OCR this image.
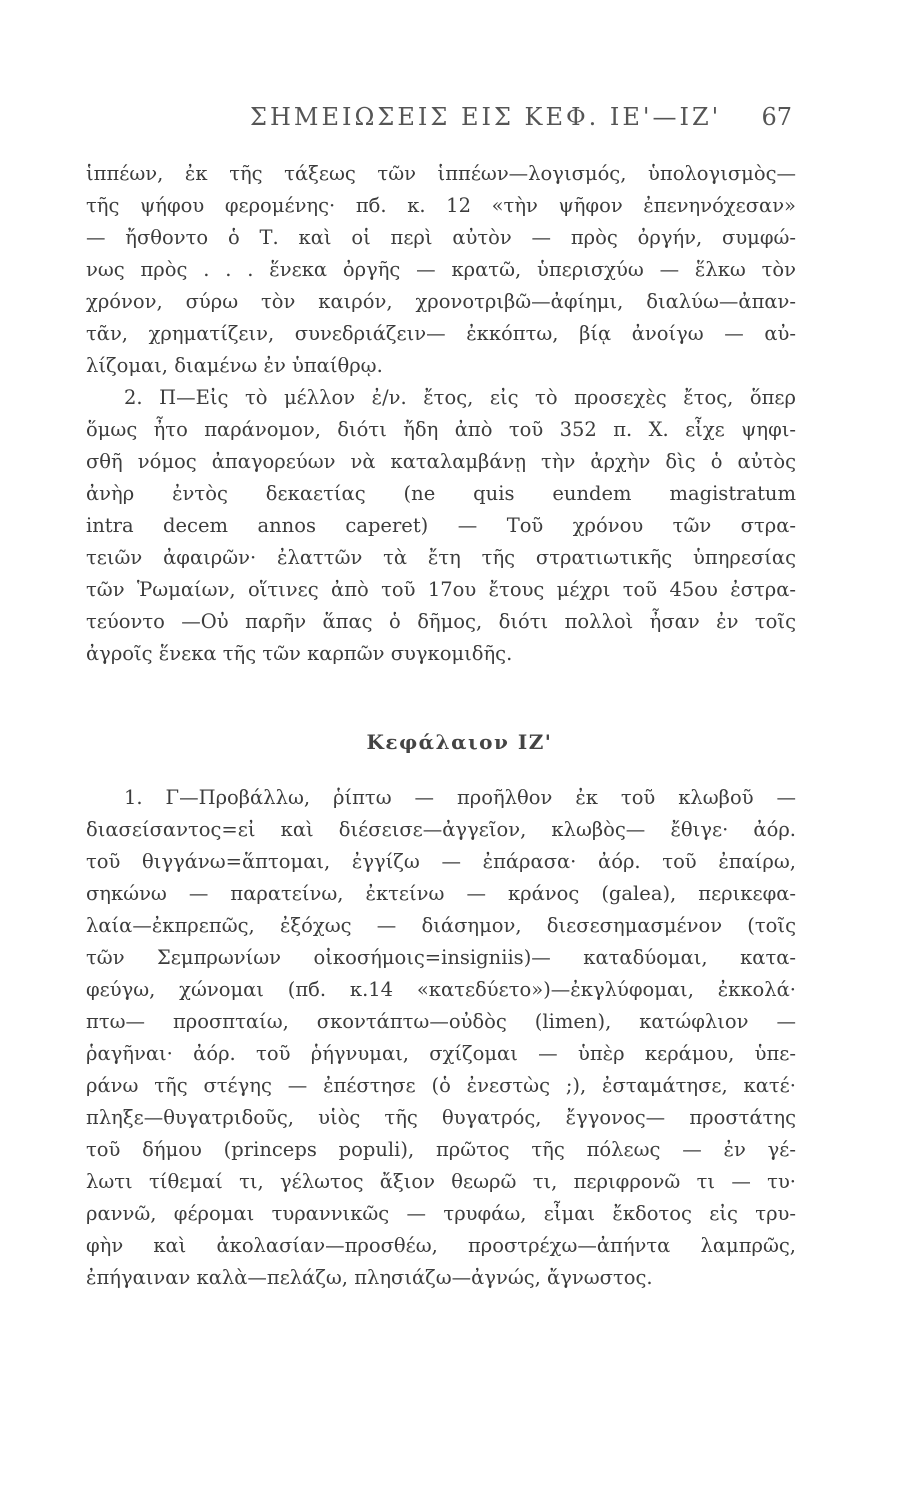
ΣΗΜΕΙΩΣΕΙΣ ΕΙΣ ΚΕΦ. ΙΕ'—ΙΖ' 67
ἱππέων, ἐκ τῆς τάξεως τῶν ἱππέων—λογισμός, ὑπολογισμὸς—
τῆς ψήφου φερομένης· πб. κ. 12 «τὴν ψῆφον ἐπενηνόχεσαν»
— ἤσθοντο ὁ Τ. καὶ οἱ περὶ αὐτὸν — πρὸς ὀργήν, συμφώ-
νως πρὸς . . . ἕνεκα ὀργῆς — κρατῶ, ὑπερισχύω — ἕλκω τὸν
χρόνον, σύρω τὸν καιρόν, χρονοτριβῶ—ἀφίημι, διαλύω—ἀπαν-
τᾶν, χρηματίζειν, συνεδριάζειν— ἐκκόπτω, βίᾳ ἀνοίγω — αὐ-
λίζομαι, διαμένω ἐν ὑπαίθρῳ.
2. Π—Εἰς τὸ μέλλον ἐ/ν. ἔτος, εἰς τὸ προσεχὲς ἔτος, ὅπερ
ὅμως ἦτο παράνομον, διότι ἤδη ἀπὸ τοῦ 352 π. Χ. εἶχε ψηφι-
σθῆ νόμος ἀπαγορεύων νὰ καταλαμβάνῃ τὴν ἀρχὴν δὶς ὁ αὐτὸς
ἀνὴρ ἐντὸς δεκαετίας (ne quis eundem magistratum
intra decem annos caperet) — Τοῦ χρόνου τῶν στρα-
τειῶν ἀφαιρῶν· ἐλαττῶν τὰ ἔτη τῆς στρατιωτικῆς ὑπηρεσίας
τῶν Ῥωμαίων, οἵτινες ἀπὸ τοῦ 17ου ἔτους μέχρι τοῦ 45ου ἐστρα-
τεύοντο —Οὐ παρῆν ἅπας ὁ δῆμος, διότι πολλοὶ ἦσαν ἐν τοῖς
ἀγροῖς ἕνεκα τῆς τῶν καρπῶν συγκομιδῆς.
Κεφάλαιον ΙΖ'
1. Γ—Προβάλλω, ῥίπτω — προῆλθον ἐκ τοῦ κλωβοῦ —
διασείσαντος=εἰ καὶ διέσεισε—ἀγγεῖον, κλωβὸς— ἔθιγε· ἀόρ.
τοῦ θιγγάνω=ἅπτομαι, ἐγγίζω — ἐπάρασα· ἀόρ. τοῦ ἐπαίρω,
σηκώνω — παρατείνω, ἐκτείνω — κράνος (galea), περικεφα-
λαία—ἐκπρεπῶς, ἐξόχως — διάσημον, διεσεσημασμένον (τοῖς
τῶν Σεμπρωνίων οἰκοσήμοις=insigniis)— καταδύομαι, κατα-
φεύγω, χώνομαι (πб. κ.14 «κατεδύετο»)—ἐκγλύφομαι, ἐκκολά·
πτω— προσπταίω, σκοντάπτω—οὐδὸς (limen), κατώφλιον —
ῥαγῆναι· ἀόρ. τοῦ ῥήγνυμαι, σχίζομαι — ὑπὲρ κεράμου, ὑπε-
ράνω τῆς στέγης — ἐπέστησε (ὁ ἐνεστὼς ;), ἐσταμάτησε, κατέ·
πληξε—θυγατριδοῦς, υἱὸς τῆς θυγατρός, ἔγγονος— προστάτης
τοῦ δήμου (princeps populi), πρῶτος τῆς πόλεως — ἐν γέ-
λωτι τίθεμαί τι, γέλωτος ἄξιον θεωρῶ τι, περιφρονῶ τι — τυ·
ραννῶ, φέρομαι τυραννικῶς — τρυφάω, εἶμαι ἔκδοτος εἰς τρυ-
φὴν καὶ ἀκολασίαν—προσθέω, προστρέχω—ἀπήντα λαμπρῶς,
ἐπήγαιναν καλὰ—πελάζω, πλησιάζω—ἀγνώς, ἄγνωστος.
